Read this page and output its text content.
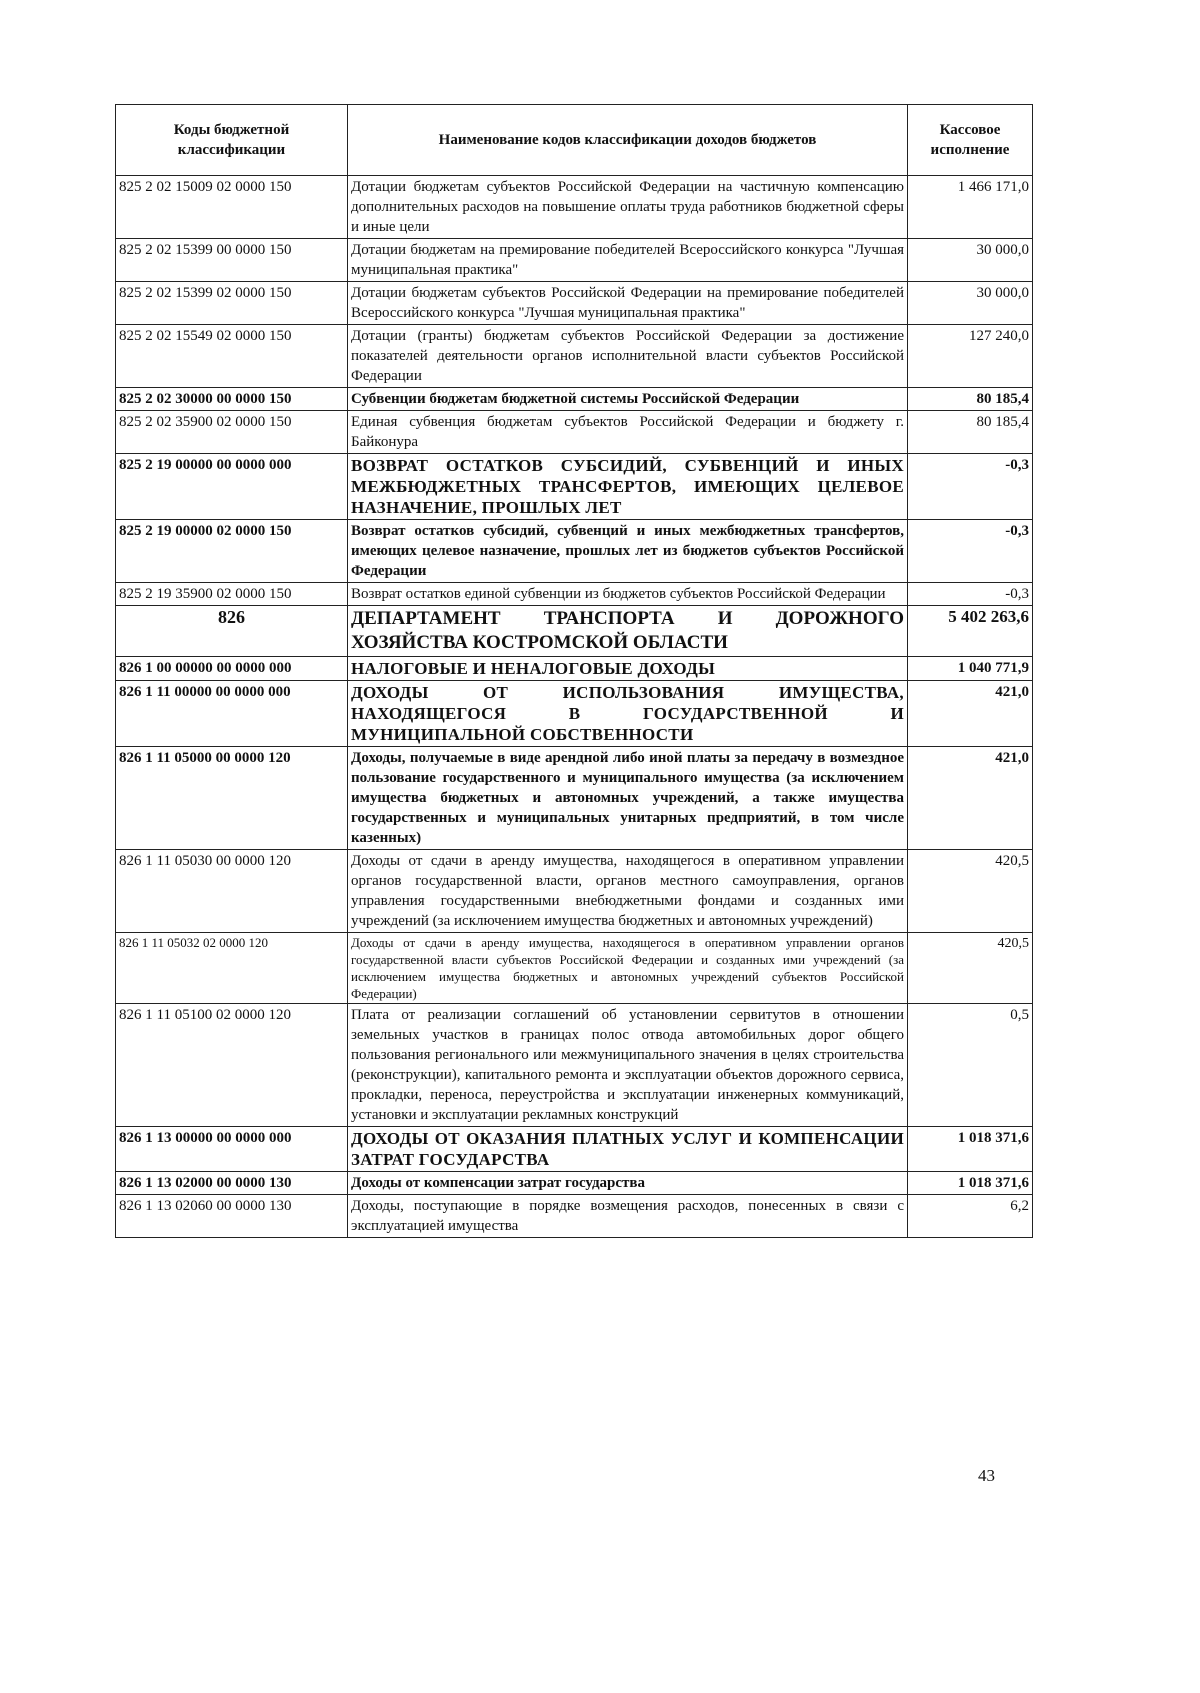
Коды бюджетной классификации	Наименование кодов классификации доходов бюджетов	Кассовое исполнение
825 2 02 15009 02 0000 150	Дотации бюджетам субъектов Российской Федерации на частичную компенсацию дополнительных расходов на повышение оплаты труда работников бюджетной сферы и иные цели	1 466 171,0
825 2 02 15399 00 0000 150	Дотации бюджетам на премирование победителей Всероссийского конкурса "Лучшая муниципальная практика"	30 000,0
825 2 02 15399 02 0000 150	Дотации бюджетам субъектов Российской Федерации на премирование победителей Всероссийского конкурса "Лучшая муниципальная практика"	30 000,0
825 2 02 15549 02 0000 150	Дотации (гранты) бюджетам субъектов Российской Федерации за достижение показателей деятельности органов исполнительной власти субъектов Российской Федерации	127 240,0
825 2 02 30000 00 0000 150	Субвенции бюджетам бюджетной системы Российской Федерации	80 185,4
825 2 02 35900 02 0000 150	Единая субвенция бюджетам субъектов Российской Федерации и бюджету г. Байконура	80 185,4
825 2 19 00000 00 0000 000	ВОЗВРАТ ОСТАТКОВ СУБСИДИЙ, СУБВЕНЦИЙ И ИНЫХ МЕЖБЮДЖЕТНЫХ ТРАНСФЕРТОВ, ИМЕЮЩИХ ЦЕЛЕВОЕ НАЗНАЧЕНИЕ, ПРОШЛЫХ ЛЕТ	-0,3
825 2 19 00000 02 0000 150	Возврат остатков субсидий, субвенций и иных межбюджетных трансфертов, имеющих целевое назначение, прошлых лет из бюджетов субъектов Российской Федерации	-0,3
825 2 19 35900 02 0000 150	Возврат остатков единой субвенции из бюджетов субъектов Российской Федерации	-0,3
826	ДЕПАРТАМЕНТ ТРАНСПОРТА И ДОРОЖНОГО ХОЗЯЙСТВА КОСТРОМСКОЙ ОБЛАСТИ	5 402 263,6
826 1 00 00000 00 0000 000	НАЛОГОВЫЕ И НЕНАЛОГОВЫЕ ДОХОДЫ	1 040 771,9
826 1 11 00000 00 0000 000	ДОХОДЫ ОТ ИСПОЛЬЗОВАНИЯ ИМУЩЕСТВА, НАХОДЯЩЕГОСЯ В ГОСУДАРСТВЕННОЙ И МУНИЦИПАЛЬНОЙ СОБСТВЕННОСТИ	421,0
826 1 11 05000 00 0000 120	Доходы, получаемые в виде арендной либо иной платы за передачу в возмездное пользование государственного и муниципального имущества (за исключением имущества бюджетных и автономных учреждений, а также имущества государственных и муниципальных унитарных предприятий, в том числе казенных)	421,0
826 1 11 05030 00 0000 120	Доходы от сдачи в аренду имущества, находящегося в оперативном управлении органов государственной власти, органов местного самоуправления, органов управления государственными внебюджетными фондами и созданных ими учреждений (за исключением имущества бюджетных и автономных учреждений)	420,5
826 1 11 05032 02 0000 120	Доходы от сдачи в аренду имущества, находящегося в оперативном управлении органов государственной власти субъектов Российской Федерации и созданных ими учреждений (за исключением имущества бюджетных и автономных учреждений субъектов Российской Федерации)	420,5
826 1 11 05100 02 0000 120	Плата от реализации соглашений об установлении сервитутов в отношении земельных участков в границах полос отвода автомобильных дорог общего пользования регионального или межмуниципального значения в целях строительства (реконструкции), капитального ремонта и эксплуатации объектов дорожного сервиса, прокладки, переноса, переустройства и эксплуатации инженерных коммуникаций, установки и эксплуатации рекламных конструкций	0,5
826 1 13 00000 00 0000 000	ДОХОДЫ ОТ ОКАЗАНИЯ ПЛАТНЫХ УСЛУГ И КОМПЕНСАЦИИ ЗАТРАТ ГОСУДАРСТВА	1 018 371,6
826 1 13 02000 00 0000 130	Доходы от компенсации затрат государства	1 018 371,6
826 1 13 02060 00 0000 130	Доходы, поступающие в порядке возмещения расходов, понесенных в связи с эксплуатацией имущества	6,2
43
